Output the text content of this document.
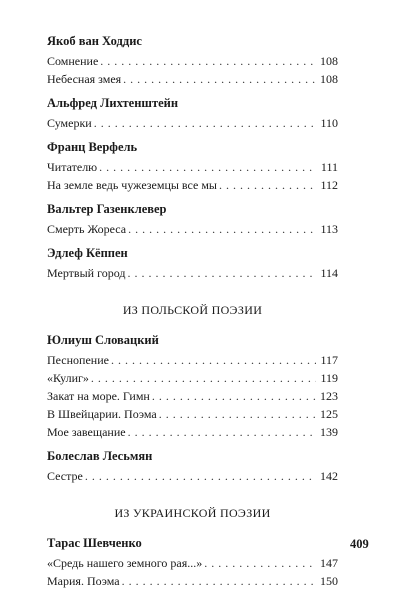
Якоб ван Ходдис
Сомнение . . .	108
Небесная змея . . .	108
Альфред Лихтенштейн
Сумерки . . .	110
Франц Верфель
Читателю . . .	111
На земле ведь чужеземцы все мы . . .	112
Вальтер Газенклевер
Смерть Жореса . . .	113
Эдлеф Кёппен
Мертвый город . . .	114
ИЗ ПОЛЬСКОЙ ПОЭЗИИ
Юлиуш Словацкий
Песнопение . . .	117
«Кулиг» . . .	119
Закат на море. Гимн . . .	123
В Швейцарии. Поэма . . .	125
Мое завещание . . .	139
Болеслав Лесьмян
Сестре . . .	142
ИЗ УКРАИНСКОЙ ПОЭЗИИ
Тарас Шевченко
«Средь нашего земного рая...» . . .	147
Мария. Поэма . . .	150
409
